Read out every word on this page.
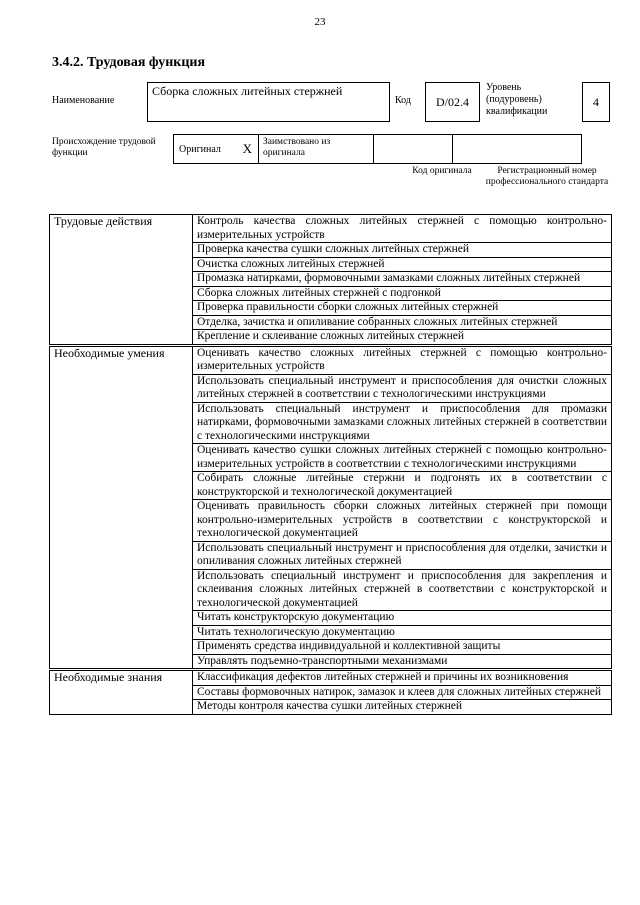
23
3.4.2. Трудовая функция
Наименование
Сборка сложных литейных стержней
Код	D/02.4
Уровень (подуровень) квалификации
4
Происхождение трудовой функции	Оригинал X	Заимствовано из оригинала
Код оригинала	Регистрационный номер профессионального стандарта
Трудовые действия	Контроль качества сложных литейных стержней с помощью контрольно-измерительных устройств
	Проверка качества сушки сложных литейных стержней
	Очистка сложных литейных стержней
	Промазка натирками, формовочными замазками сложных литейных стержней
	Сборка сложных литейных стержней с подгонкой
	Проверка правильности сборки сложных литейных стержней
	Отделка, зачистка и опиливание собранных сложных литейных стержней
	Крепление и склеивание сложных литейных стержней
Необходимые умения	Оценивать качество сложных литейных стержней с помощью контрольно-измерительных устройств
	Использовать специальный инструмент и приспособления для очистки сложных литейных стержней в соответствии с технологическими инструкциями
	Использовать специальный инструмент и приспособления для промазки натирками, формовочными замазками сложных литейных стержней в соответствии с технологическими инструкциями
	Оценивать качество сушки сложных литейных стержней с помощью контрольно-измерительных устройств в соответствии с технологическими инструкциями
	Собирать сложные литейные стержни и подгонять их в соответствии с конструкторской и технологической документацией
	Оценивать правильность сборки сложных литейных стержней при помощи контрольно-измерительных устройств в соответствии с конструкторской и технологической документацией
	Использовать специальный инструмент и приспособления для отделки, зачистки и опиливания сложных литейных стержней
	Использовать специальный инструмент и приспособления для закрепления и склеивания сложных литейных стержней в соответствии с конструкторской и технологической документацией
	Читать конструкторскую документацию
	Читать технологическую документацию
	Применять средства индивидуальной и коллективной защиты
	Управлять подъемно-транспортными механизмами
Необходимые знания	Классификация дефектов литейных стержней и причины их возникновения
	Составы формовочных натирок, замазок и клеев для сложных литейных стержней
	Методы контроля качества сушки литейных стержней
